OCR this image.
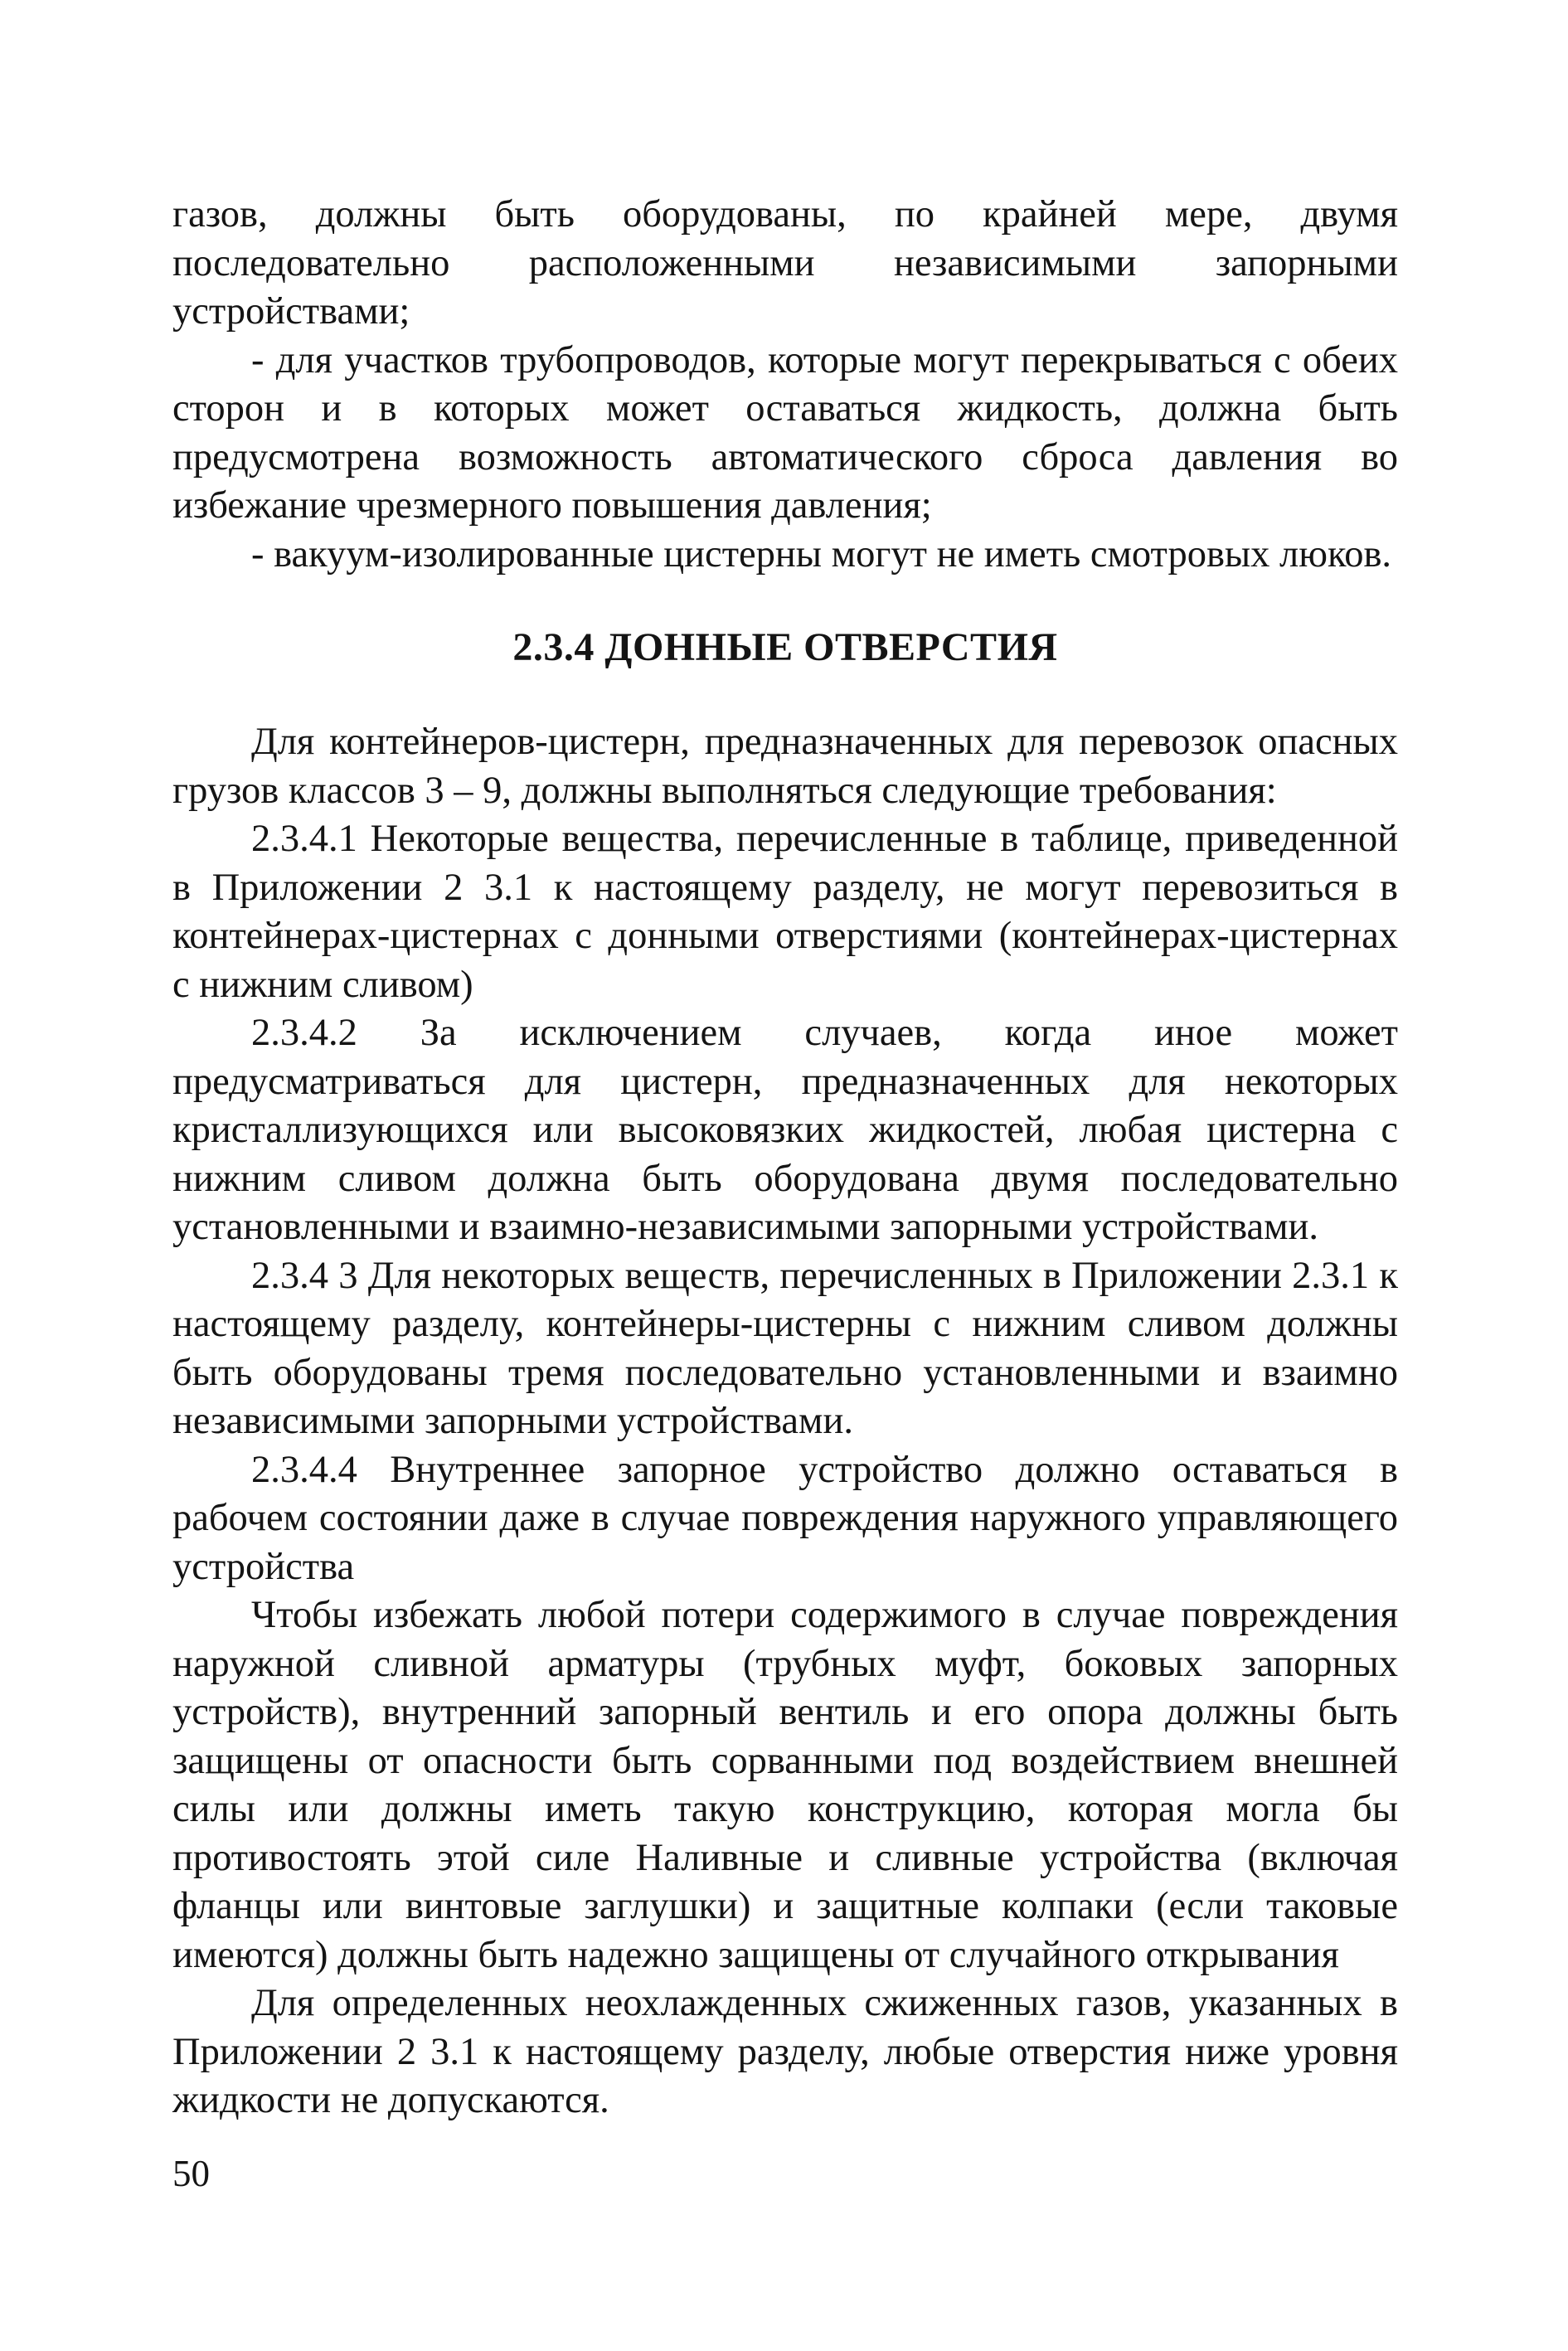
газов, должны быть оборудованы, по крайней мере, двумя последовательно расположенными независимыми запорными устройствами;

- для участков трубопроводов, которые могут перекрываться с обеих сторон и в которых может оставаться жидкость, должна быть предусмотрена возможность автоматического сброса давления во избежание чрезмерного повышения давления;

- вакуум-изолированные цистерны могут не иметь смотровых люков.

2.3.4 ДОННЫЕ ОТВЕРСТИЯ

Для контейнеров-цистерн, предназначенных для перевозок опасных грузов классов 3 – 9, должны выполняться следующие требования:

2.3.4.1 Некоторые вещества, перечисленные в таблице, приведенной в Приложении 2 3.1 к настоящему разделу, не могут перевозиться в контейнерах-цистернах с донными отверстиями (контейнерах-цистернах с нижним сливом)

2.3.4.2 За исключением случаев, когда иное может предусматриваться для цистерн, предназначенных для некоторых кристаллизующихся или высоковязких жидкостей, любая цистерна с нижним сливом должна быть оборудована двумя последовательно установленными и взаимно-независимыми запорными устройствами.

2.3.4 3 Для некоторых веществ, перечисленных в Приложении 2.3.1 к настоящему разделу, контейнеры-цистерны с нижним сливом должны быть оборудованы тремя последовательно установленными и взаимно независимыми запорными устройствами.

2.3.4.4 Внутреннее запорное устройство должно оставаться в рабочем состоянии даже в случае повреждения наружного управляющего устройства

Чтобы избежать любой потери содержимого в случае повреждения наружной сливной арматуры (трубных муфт, боковых запорных устройств), внутренний запорный вентиль и его опора должны быть защищены от опасности быть сорванными под воздействием внешней силы или должны иметь такую конструкцию, которая могла бы противостоять этой силе Наливные и сливные устройства (включая фланцы или винтовые заглушки) и защитные колпаки (если таковые имеются) должны быть надежно защищены от случайного открывания

Для определенных неохлажденных сжиженных газов, указанных в Приложении 2 3.1 к настоящему разделу, любые отверстия ниже уровня жидкости не допускаются.

50
